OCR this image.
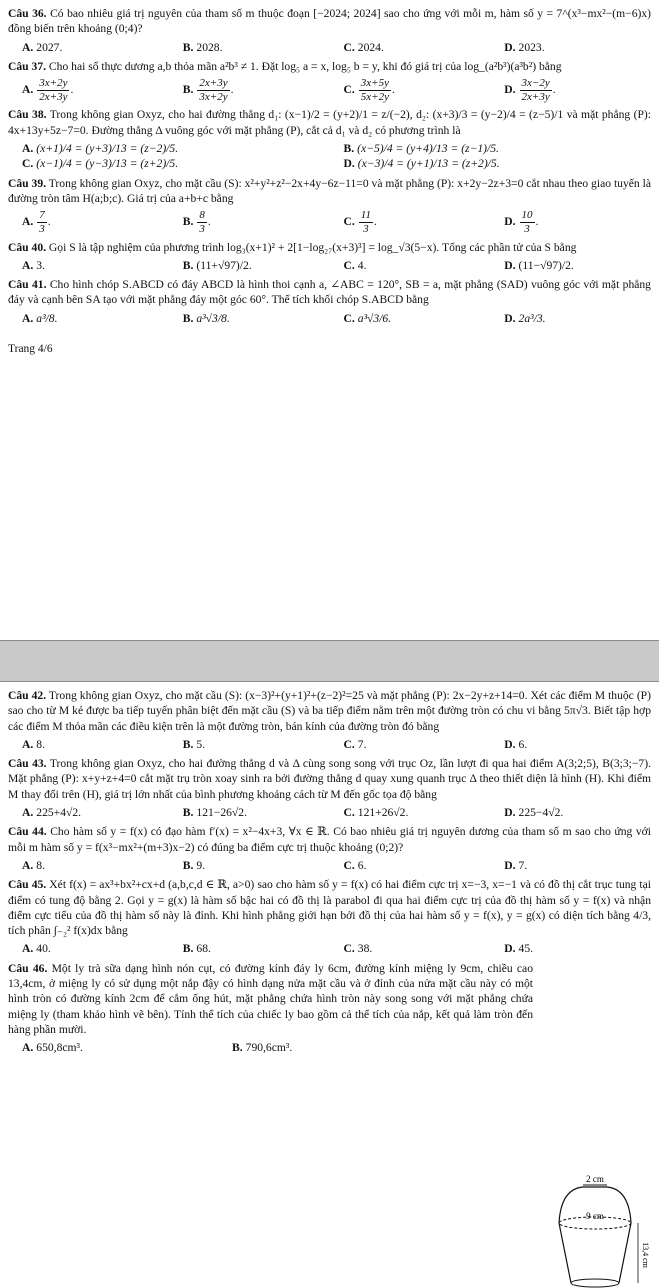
Câu 36. Có bao nhiêu giá trị nguyên của tham số m thuộc đoạn [−2024; 2024] sao cho ứng với mỗi m, hàm số y = 7^(x³−mx²−(m−6)x) đồng biến trên khoảng (0;4)?

A. 2027.	B. 2028.	C. 2024.	D. 2023.

Câu 37. Cho hai số thực dương a,b thỏa mãn a²b³ ≠ 1. Đặt log₅ a = x, log₅ b = y, khi đó giá trị của log_(a²b³)(a³b²) bằng

A. $\frac{3x+2y}{2x+3y}$ .	B. $\frac{2x+3y}{3x+2y}$ .	C. $\frac{3x+5y}{5x+2y}$ .	D. $\frac{3x-2y}{2x+3y}$ .

Câu 38. Trong không gian Oxyz, cho hai đường thẳng d₁: (x−1)/2 = (y+2)/1 = z/(−2), d₂: (x+3)/3 = (y−2)/4 = (z−5)/1 và mặt phẳng (P): 4x+13y+5z−7=0. Đường thẳng Δ vuông góc với mặt phẳng (P), cắt cả d₁ và d₂ có phương trình là

A. (x+1)/4 = (y+3)/13 = (z−2)/5.	B. (x−5)/4 = (y+4)/13 = (z−1)/5.
C. (x−1)/4 = (y−3)/13 = (z+2)/5.	D. (x−3)/4 = (y+1)/13 = (z+2)/5.

Câu 39. Trong không gian Oxyz, cho mặt cầu (S): x²+y²+z²−2x+4y−6z−11=0 và mặt phẳng (P): x+2y−2z+3=0 cắt nhau theo giao tuyến là đường tròn tâm H(a;b;c). Giá trị của a+b+c bằng

A. $\frac{7}{3}$ .	B. $\frac{8}{3}$ .	C. $\frac{11}{3}$ .	D. $\frac{10}{3}$ .

Câu 40. Gọi S là tập nghiệm của phương trình log₃(x+1)² + 2[1−log₂₇(x+3)³] = log_√3(5−x). Tổng các phần tử của S bằng

A. 3.	B. (11+√97)/2.	C. 4.	D. (11−√97)/2.

Câu 41. Cho hình chóp S.ABCD có đáy ABCD là hình thoi cạnh a, ∠ABC = 120°, SB = a, mặt phẳng (SAD) vuông góc với mặt phẳng đáy và cạnh bên SA tạo với mặt phẳng đáy một góc 60°. Thể tích khối chóp S.ABCD bằng

A. a³/8.	B. a³√3/8.	C. a³√3/6.	D. 2a³/3.
Trang 4/6

Câu 42. Trong không gian Oxyz, cho mặt cầu (S): (x−3)²+(y+1)²+(z−2)²=25 và mặt phẳng (P): 2x−2y+z+14=0. Xét các điểm M thuộc (P) sao cho từ M kẻ được ba tiếp tuyến phân biệt đến mặt cầu (S) và ba tiếp điểm nằm trên một đường tròn có chu vi bằng 5π√3. Biết tập hợp các điểm M thỏa mãn các điều kiện trên là một đường tròn, bán kính của đường tròn đó bằng

A. 8.	B. 5.	C. 7.	D. 6.

Câu 43. Trong không gian Oxyz, cho hai đường thẳng d và Δ cùng song song với trục Oz, lần lượt đi qua hai điểm A(3;2;5), B(3;3;−7). Mặt phẳng (P): x+y+z+4=0 cắt mặt trụ tròn xoay sinh ra bởi đường thẳng d quay xung quanh trục Δ theo thiết diện là hình (H). Khi điểm M thay đổi trên (H), giá trị lớn nhất của bình phương khoảng cách từ M đến gốc tọa độ bằng

A. 225+4√2.	B. 121−26√2.	C. 121+26√2.	D. 225−4√2.

Câu 44. Cho hàm số y = f(x) có đạo hàm f′(x) = x²−4x+3, ∀x ∈ ℝ. Có bao nhiêu giá trị nguyên dương của tham số m sao cho ứng với mỗi m hàm số y = f(x³−mx²+(m+3)x−2) có đúng ba điểm cực trị thuộc khoảng (0;2)?

A. 8.	B. 9.	C. 6.	D. 7.

Câu 45. Xét f(x) = ax³+bx²+cx+d (a,b,c,d ∈ ℝ, a>0) sao cho hàm số y = f(x) có hai điểm cực trị x=−3, x=−1 và có đồ thị cắt trục tung tại điểm có tung độ bằng 2. Gọi y = g(x) là hàm số bậc hai có đồ thị là parabol đi qua hai điểm cực trị của đồ thị hàm số y = f(x) và nhận điểm cực tiểu của đồ thị hàm số này là đỉnh. Khi hình phẳng giới hạn bởi đồ thị của hai hàm số y = f(x), y = g(x) có diện tích bằng 4/3, tích phân ∫₋₂² f(x)dx bằng

A. 40.	B. 68.	C. 38.	D. 45.

Câu 46. Một ly trà sữa dạng hình nón cụt, có đường kính đáy ly 6cm, đường kính miệng ly 9cm, chiều cao 13,4cm, ở miệng ly có sử dụng một nắp đậy có hình dạng nửa mặt cầu và ở đỉnh của nửa mặt cầu này có một hình tròn có đường kính 2cm để cắm ống hút, mặt phẳng chứa hình tròn này song song với mặt phẳng chứa miệng ly (tham khảo hình vẽ bên). Tính thể tích của chiếc ly bao gồm cả thể tích của nắp, kết quả làm tròn đến hàng phần mười.

A. 650,8cm³.	B. 790,6cm³.
2 cm
9 cm
13,4 cm
